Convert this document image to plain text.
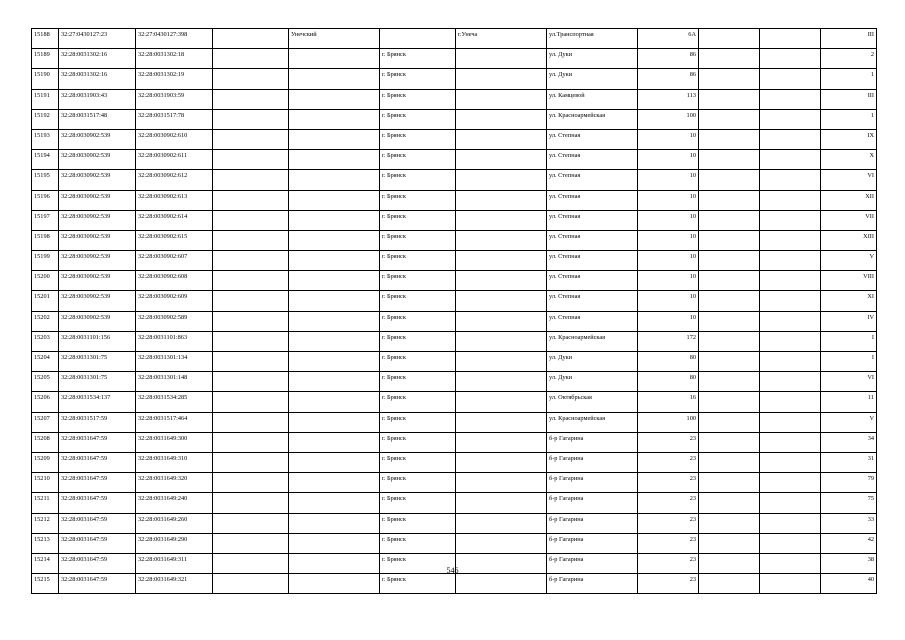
15188	32:27:0430127:23	32:27:0430127:398		Унечский		г.Унеча	ул.Транспортная	6А			III
15189	32:28:0031302:16	32:28:0031302:18			г. Брянск		ул. Дуки	86			2
15190	32:28:0031302:16	32:28:0031302:19			г. Брянск		ул. Дуки	86			1
15191	32:28:0031903:43	32:28:0031903:59			г. Брянск		ул. Камцевой	113			III
15192	32:28:0031517:48	32:28:0031517:78			г. Брянск		ул. Красноармейская	100			1
15193	32:28:0030902:539	32:28:0030902:610			г. Брянск		ул. Степная	10			IX
15194	32:28:0030902:539	32:28:0030902:611			г. Брянск		ул. Степная	10			X
15195	32:28:0030902:539	32:28:0030902:612			г. Брянск		ул. Степная	10			VI
15196	32:28:0030902:539	32:28:0030902:613			г. Брянск		ул. Степная	10			XII
15197	32:28:0030902:539	32:28:0030902:614			г. Брянск		ул. Степная	10			VII
15198	32:28:0030902:539	32:28:0030902:615			г. Брянск		ул. Степная	10			XIII
15199	32:28:0030902:539	32:28:0030902:607			г. Брянск		ул. Степная	10			V
15200	32:28:0030902:539	32:28:0030902:608			г. Брянск		ул. Степная	10			VIII
15201	32:28:0030902:539	32:28:0030902:609			г. Брянск		ул. Степная	10			XI
15202	32:28:0030902:539	32:28:0030902:589			г. Брянск		ул. Степная	10			IV
15203	32:28:0031101:156	32:28:0031101:863			г. Брянск		ул. Красноармейская	172			I
15204	32:28:0031301:75	32:28:0031301:134			г. Брянск		ул. Дуки	80			I
15205	32:28:0031301:75	32:28:0031301:148			г. Брянск		ул. Дуки	80			VI
15206	32:28:0031534:137	32:28:0031534:285			г. Брянск		ул. Октябрьская	16			11
15207	32:28:0031517:59	32:28:0031517:464			г. Брянск		ул. Красноармейская	100			V
15208	32:28:0031647:59	32:28:0031649:300			г. Брянск		б-р Гагарина	23			34
15209	32:28:0031647:59	32:28:0031649:310			г. Брянск		б-р Гагарина	23			31
15210	32:28:0031647:59	32:28:0031649:320			г. Брянск		б-р Гагарина	23			79
15211	32:28:0031647:59	32:28:0031649:240			г. Брянск		б-р Гагарина	23			75
15212	32:28:0031647:59	32:28:0031649:260			г. Брянск		б-р Гагарина	23			33
15213	32:28:0031647:59	32:28:0031649:290			г. Брянск		б-р Гагарина	23			42
15214	32:28:0031647:59	32:28:0031649:311			г. Брянск		б-р Гагарина	23			38
15215	32:28:0031647:59	32:28:0031649:321			г. Брянск		б-р Гагарина	23			40
546
